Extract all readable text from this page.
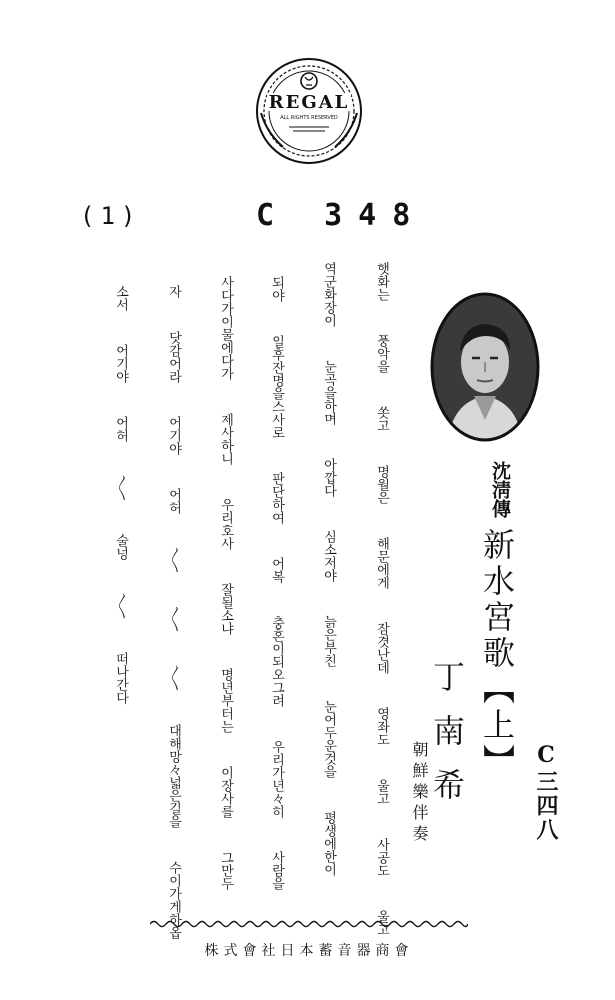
REGAL
ALL RIGHTS RESERVED
(1)	C 348
햇화는 풍악을 쏫고 명월은 해문에게 잠겻난데 영좌도 울고 사공도 울고
역군화장이 눈곡을하며 아깝다 심소저야 늙은부친 눈어두운것을 평생에한이
되야 일후잔명을스사로 판단하여 어복 충혼이되오그려 우리가년々히 사람을
사다가이물에다가 제사하니 우리호사 잘될소냐 명년부터는 이장사를 그만두
자 닷감어라 어기야 어허 〱 〱 〱 대해망々넓은길을 수이가게하옵
소서 어기야 어허 〱 술넝 〱 떠나간다
沈淸傳
新水宮歌【上】
丁南希
朝鮮樂伴奏	C三四八
株式會社日本蓄音器商會
